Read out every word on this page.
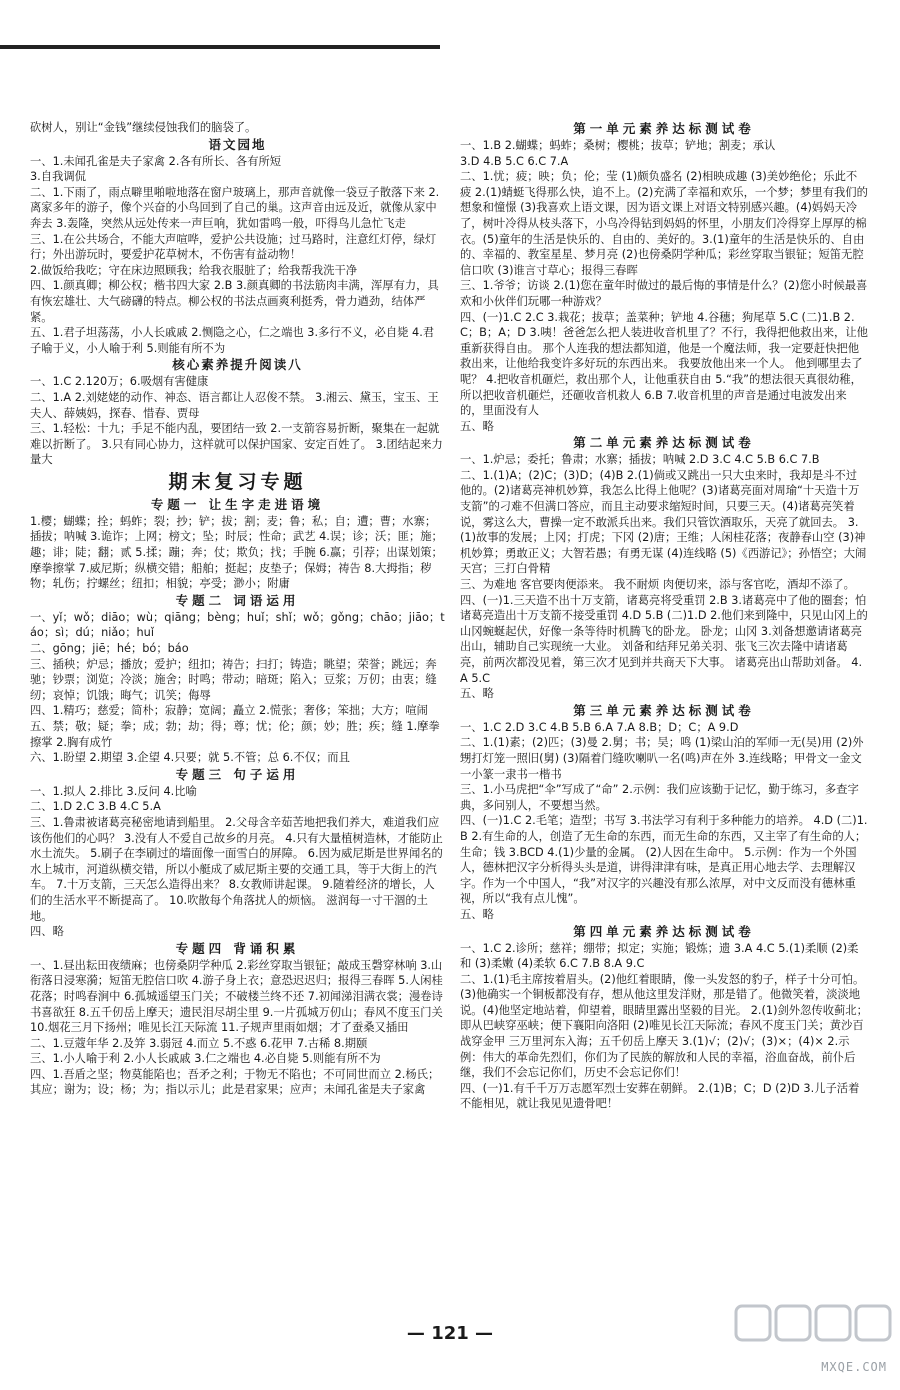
砍树人，别让“金钱”继续侵蚀我们的脑袋了。
语文园地
一、1.未闻孔雀是夫子家禽 2.各有所长、各有所短
3.自我调侃
二、1.下雨了，雨点噼里啪啦地落在窗户玻璃上，那声音就像一袋豆子散落下来 2.离家多年的游子，像个兴奋的小鸟回到了自己的巢。这声音由远及近，就像从家中奔去 3.轰隆，突然从远处传来一声巨响，犹如雷鸣一般，吓得鸟儿急忙飞走
三、1.在公共场合，不能大声喧哗，爱护公共设施；过马路时，注意红灯停，绿灯行；外出游玩时，要爱护花草树木，不伤害有益动物！
2.做饭给我吃；守在床边照顾我；给我衣服脏了；给我帮我洗干净
四、1.颜真卿；柳公权；楷书四大家 2.B 3.颜真卿的书法筋肉丰满，浑厚有力，具有恢宏雄壮、大气磅礴的特点。柳公权的书法点画爽利挺秀，骨力遒劲，结体严紧。
五、1.君子坦荡荡，小人长戚戚 2.恻隐之心，仁之端也 3.多行不义，必自毙 4.君子喻于义，小人喻于利 5.则能有所不为
核心素养提升阅读八
一、1.C 2.120万；6.吸烟有害健康
二、1.A 2.刘姥姥的动作、神态、语言都让人忍俊不禁。 3.湘云、黛玉，宝玉、王夫人、薛姨妈，探春、惜春、贾母
三、1.轻松：十九；手足不能内乱，要团结一致 2.一支箭容易折断，聚集在一起就难以折断了。 3.只有同心协力，这样就可以保护国家、安定百姓了。 3.团结起来力量大
期末复习专题
专题一 让生字走进语境
1.樱；蝴蝶；拴；蚂蚱；裂；抄；铲；拔；割；麦；鲁；私；自；遭；曹；水寨；插拔；呐喊 3.诡诈；上网；榜文；坠；时辰；性命；武艺 4.误；诊；沃；匪；施；趣；诽；陡；翻；贰 5.揉；蹦；奔；仗；欺负；找；手腕 6.赢；引荐；出谋划策；摩拳擦掌 7.威尼斯；纵横交错；船舶；挺起；皮垫子；保姆；祷告 8.大拇指；秽物；轧伤；拧螺丝；纽扣；相貌；亭受；渺小；附庸
专题二 词语运用
一、yǐ；wǒ；diāo；wù；qiāng；bèng；huǐ；shǐ；wǒ；gǒng；chāo；jiāo；táo；sì；dú；niǎo；huǐ
二、gōng；jiē；hé；bó；báo
三、插秧；炉忌；播放；爱护；纽扣；祷告；扫打；铸造；眺望；荣誉；跳远；奔驰；钞票；浏览；冷淡；施舍；时鸣；带动；暗斑；陷入；豆浆；万仞；由衷；缝纫；哀悼；饥饿；晦气；讥笑；侮辱
四、1.精巧；慈爱；简朴；寂静；宽阔；矗立 2.慌张；奢侈；笨拙；大方；喧闹
五、禁；敬；疑；拳；成；勃；劫；得；尊；忧；伦；颜；妙；胜；疾；缝 1.摩拳擦掌 2.胸有成竹
六、1.盼望 2.期望 3.企望 4.只要；就 5.不管；总 6.不仅；而且
专题三 句子运用
一、1.拟人 2.排比 3.反问 4.比喻
二、1.D 2.C 3.B 4.C 5.A
三、1.鲁肃被诸葛亮秘密地请到船里。 2.父母含辛茹苦地把我们养大，难道我们应该伤他们的心吗？ 3.没有人不爱自己故乡的月亮。 4.只有大量植树造林，才能防止水土流失。 5.刷子在李刷过的墙面像一面雪白的屏障。 6.因为威尼斯是世界闻名的水上城市，河道纵横交错，所以小艇成了威尼斯主要的交通工具，等于大街上的汽车。 7.十万支箭，三天怎么造得出来？ 8.女教师讲起课。 9.随着经济的增长，人们的生活水平不断提高了。 10.吹散每个角落扰人的烦恼。 滋润每一寸干涸的土地。
四、略
专题四 背诵积累
一、1.昼出耘田夜绩麻；也傍桑阴学种瓜 2.彩丝穿取当银钲；敲成玉磬穿林响 3.山衔落日浸寒漪；短笛无腔信口吹 4.游子身上衣；意恐迟迟归；报得三春晖 5.人闲桂花落；时鸣春涧中 6.孤城遥望玉门关；不破楼兰终不还 7.初闻涕泪满衣裳；漫卷诗书喜欲狂 8.五千仞岳上摩天；遗民泪尽胡尘里 9.一片孤城万仞山；春风不度玉门关 10.烟花三月下扬州；唯见长江天际流 11.子规声里雨如烟；才了蚕桑又插田
二、1.豆蔻年华 2.及笄 3.弱冠 4.而立 5.不惑 6.花甲 7.古稀 8.期颐
三、1.小人喻于利 2.小人长戚戚 3.仁之端也 4.必自毙 5.则能有所不为
四、1.吾盾之坚；物莫能陷也；吾矛之利；于物无不陷也；不可同世而立 2.杨氏；其应；谢为；设；杨；为；指以示儿；此是君家果；应声；未闻孔雀是夫子家禽
第一单元素养达标测试卷
一、1.B 2.蝴蝶；蚂蚱；桑树；樱桃；拔草；铲地；割麦；承认
3.D 4.B 5.C 6.C 7.A
二、1.忧；疲；映；负；伦；莹 (1)颇负盛名 (2)相映成趣 (3)美妙绝伦；乐此不疲 2.(1)蜻蜓飞得那么快，追不上。(2)充满了幸福和欢乐，一个梦；梦里有我们的想象和憧憬 (3)我喜欢上语文课，因为语文课上对语文特别感兴趣。(4)妈妈天冷了，树叶冷得从枝头落下，小鸟冷得钻到妈妈的怀里，小朋友们冷得穿上厚厚的棉衣。(5)童年的生活是快乐的、自由的、美好的。3.(1)童年的生活是快乐的、自由的、幸福的、教室星星、梦月亮 (2)也傍桑阴学种瓜；彩丝穿取当银钲；短笛无腔信口吹 (3)谁言寸草心；报得三春晖
三、1.爷爷；访谈 2.(1)您在童年时做过的最后悔的事情是什么？(2)您小时候最喜欢和小伙伴们玩哪一种游戏？
四、(一)1.C 2.C 3.栽花；拔草；盖菜种；铲地 4.谷穗；狗尾草 5.C (二)1.B 2.C；B；A；D 3.咦！爸爸怎么把人装进收音机里了？不行，我得把他救出来，让他重新获得自由。 那个人连我的想法都知道，他是一个魔法师，我一定要赶快把他救出来，让他给我变许多好玩的东西出来。 我要放他出来一个人。 他到哪里去了呢？ 4.把收音机砸烂，救出那个人，让他重获自由 5.“我”的想法很天真很幼稚，所以把收音机砸烂，还砸收音机救人 6.B 7.收音机里的声音是通过电波发出来的，里面没有人
五、略
第二单元素养达标测试卷
一、1.炉忌；委托；鲁肃；水寨；插拔；呐喊 2.D 3.C 4.C 5.B 6.C 7.B
二、1.(1)A；(2)C；(3)D；(4)B 2.(1)倘或又跳出一只大虫来时，我却是斗不过他的。(2)诸葛亮神机妙算，我怎么比得上他呢？(3)诸葛亮面对周瑜“十天造十万支箭”的刁难不但满口答应，而且主动要求缩短时间，只要三天。(4)诸葛亮笑着说，雾这么大，曹操一定不敢派兵出来。我们只管饮酒取乐，天亮了就回去。 3.(1)故事的发展；上冈；打虎；下冈 (2)唐；王维；人闲桂花落；夜静春山空 (3)神机妙算；勇敢正义；大智若愚；有勇无谋 (4)连线略 (5)《西游记》；孙悟空；大闹天宫；三打白骨精
三、为难地 客官要肉便添来。 我不耐烦 肉便切来，添与客官吃，酒却不添了。
四、(一)1.三天造不出十万支箭，诸葛亮将受重罚 2.B 3.诸葛亮中了他的圈套；怕诸葛亮造出十万支箭不接受重罚 4.D 5.B (二)1.D 2.他们来到隆中，只见山冈上的山冈蜿蜒起伏，好像一条等待时机腾飞的卧龙。 卧龙；山冈 3.刘备想邀请诸葛亮出山，辅助自己实现统一大业。 刘备和结拜兄弟关羽、张飞三次去隆中请诸葛亮，前两次都没见着，第三次才见到并共商天下大事。 诸葛亮出山帮助刘备。 4.A 5.C
五、略
第三单元素养达标测试卷
一、1.C 2.D 3.C 4.B 5.B 6.A 7.A 8.B；D；C；A 9.D
二、1.(1)素；(2)匹；(3)曼 2.舅；书；吴；鸣 (1)梁山泊的军师一无(吴)用 (2)外甥打灯笼一照旧(舅) (3)隔着门缝吹喇叭一名(鸣)声在外 3.连线略；甲骨文一金文一小篆一隶书一楷书
三、1.小马虎把“伞”写成了“命” 2.示例：我们应该勤于记忆，勤于练习，多查字典，多问别人，不要想当然。
四、(一)1.C 2.毛笔；造型；书写 3.书法学习有利于多种能力的培养。 4.D (二)1.B 2.有生命的人，创造了无生命的东西，而无生命的东西，又主宰了有生命的人；生命；钱 3.BCD 4.(1)少量的金属。 (2)人因在生命中。 5.示例：作为一个外国人，德林把汉字分析得头头是道，讲得津津有味，是真正用心地去学、去理解汉字。作为一个中国人，“我”对汉字的兴趣没有那么浓厚，对中文反而没有德林重视，所以“我有点儿愧”。
五、略
第四单元素养达标测试卷
一、1.C 2.诊所；慈祥；绷带；拟定；实施；锻炼；遗 3.A 4.C 5.(1)柔顺 (2)柔和 (3)柔嫩 (4)柔软 6.C 7.B 8.A 9.C
二、1.(1)毛主席按着眉头。(2)他红着眼睛，像一头发怒的豹子，样子十分可怕。(3)他确实一个铜板都没有存，想从他这里发洋财，那是错了。他微笑着，淡淡地说。(4)他坚定地站着，仰望着，眼睛里露出坚毅的目光。 2.(1)剑外忽传收蓟北；即从巴峡穿巫峡；便下襄阳向洛阳 (2)唯见长江天际流；春风不度玉门关；黄沙百战穿金甲 三万里河东入海；五千仞岳上摩天 3.(1)√；(2)√；(3)×；(4)× 2.示例：伟大的革命先烈们，你们为了民族的解放和人民的幸福，浴血奋战，前仆后继，我们不会忘记你们，历史不会忘记你们！
四、(一)1.有千千万万志愿军烈士安葬在朝鲜。 2.(1)B；C；D (2)D 3.儿子活着不能相见，就让我见见遗骨吧！
— 121 —
MXQE.COM
